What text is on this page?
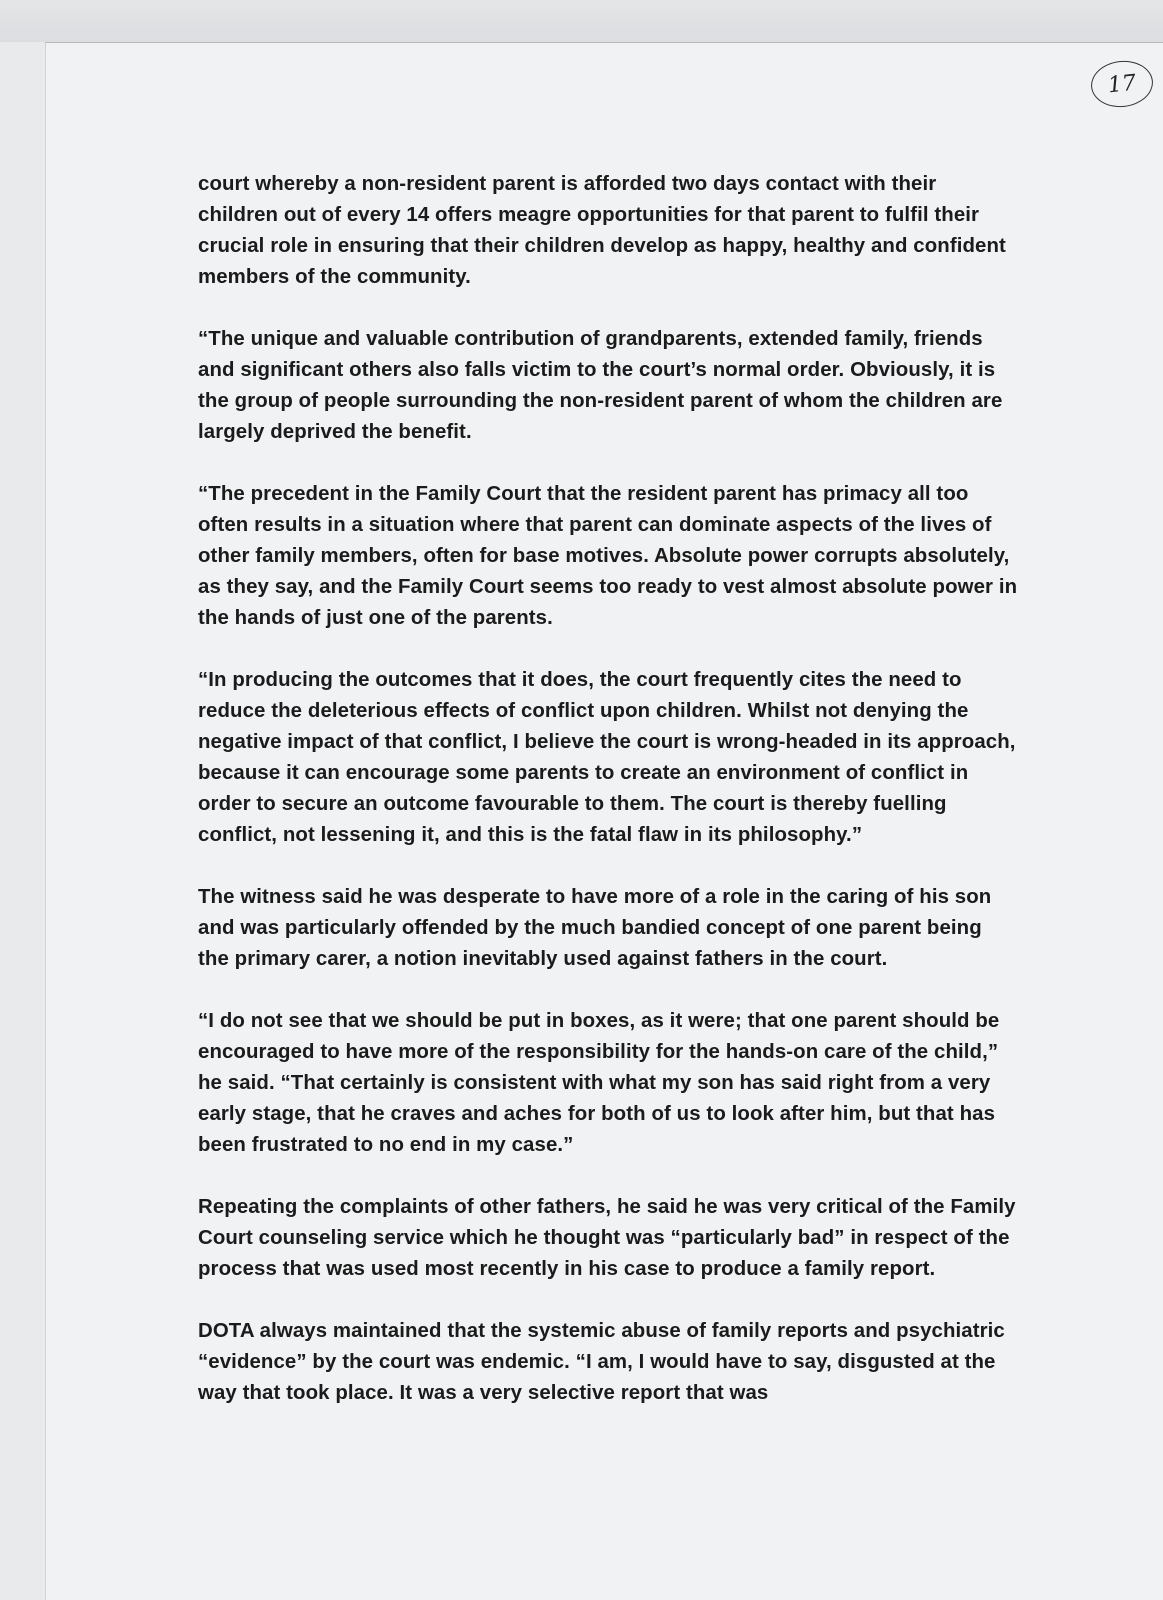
17

court whereby a non-resident parent is afforded two days contact with their children out of every 14 offers meagre opportunities for that parent to fulfil their crucial role in ensuring that their children develop as happy, healthy and confident members of the community.

“The unique and valuable contribution of grandparents, extended family, friends and significant others also falls victim to the court’s normal order. Obviously, it is the group of people surrounding the non-resident parent of whom the children are largely deprived the benefit.

“The precedent in the Family Court that the resident parent has primacy all too often results in a situation where that parent can dominate aspects of the lives of other family members, often for base motives. Absolute power corrupts absolutely, as they say, and the Family Court seems too ready to vest almost absolute power in the hands of just one of the parents.

“In producing the outcomes that it does, the court frequently cites the need to reduce the deleterious effects of conflict upon children. Whilst not denying the negative impact of that conflict, I believe the court is wrong-headed in its approach, because it can encourage some parents to create an environment of conflict in order to secure an outcome favourable to them. The court is thereby fuelling conflict, not lessening it, and this is the fatal flaw in its philosophy.”

The witness said he was desperate to have more of a role in the caring of his son and was particularly offended by the much bandied concept of one parent being the primary carer, a notion inevitably used against fathers in the court.

“I do not see that we should be put in boxes, as it were; that one parent should be encouraged to have more of the responsibility for the hands-on care of the child,” he said. “That certainly is consistent with what my son has said right from a very early stage, that he craves and aches for both of us to look after him, but that has been frustrated to no end in my case.”

Repeating the complaints of other fathers, he said he was very critical of the Family Court counseling service which he thought was “particularly bad” in respect of the process that was used most recently in his case to produce a family report.

DOTA always maintained that the systemic abuse of family reports and psychiatric “evidence” by the court was endemic. “I am, I would have to say, disgusted at the way that took place. It was a very selective report that was
